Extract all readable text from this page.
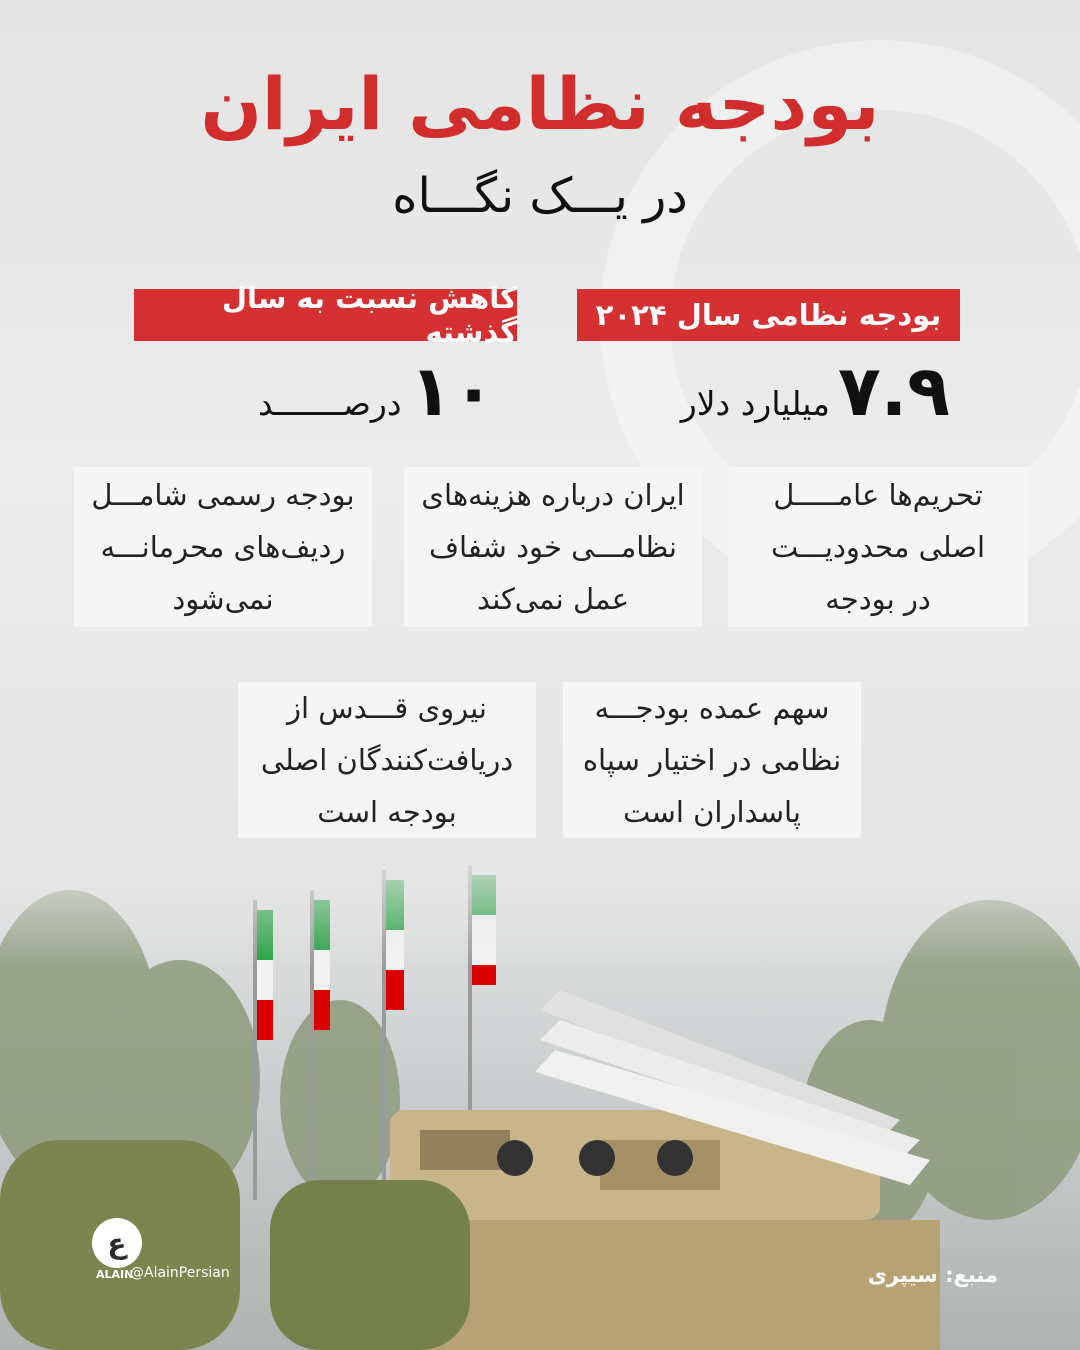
بودجه نظامی ایران
در یـــک نگـــاه
بودجه نظامی سال ۲۰۲۴
کاهش نسبت به سال گذشته
۷.۹
میلیارد دلار
۱۰
درصـــــــد
تحریم‌ها عامـــــل
اصلی محدودیـــت
در بودجه
ایران درباره هزینه‌های
نظامـــی خود شفاف
عمل نمی‌کند
بودجه رسمی شامـــل
ردیف‌های محرمانـــه
نمی‌شود
سهم عمده بودجـــه
نظامی در اختیار سپاه
پاسداران است
نیروی قـــدس از
دریافت‌کنندگان اصلی
بودجه است
منبع: سیپری
ع
ALAIN
@AlainPersian
